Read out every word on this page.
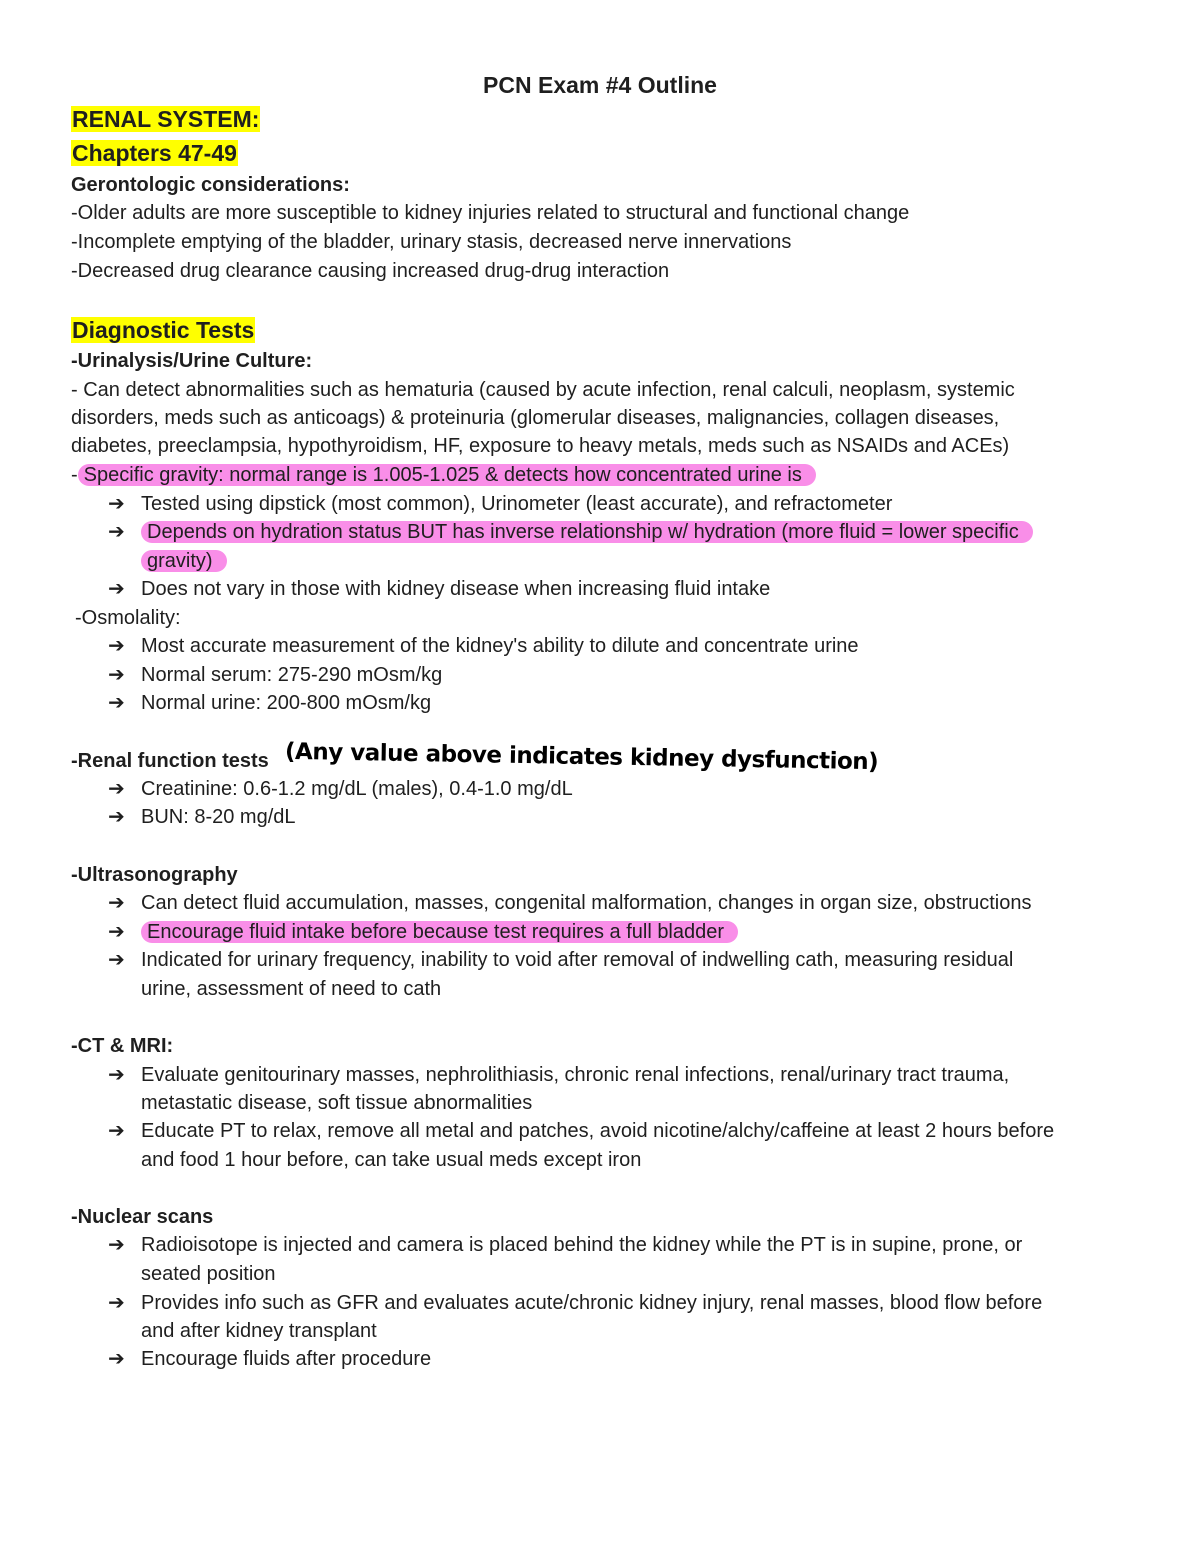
PCN Exam #4 Outline
RENAL SYSTEM:
Chapters 47-49
Gerontologic considerations:
-Older adults are more susceptible to kidney injuries related to structural and functional change
-Incomplete emptying of the bladder, urinary stasis, decreased nerve innervations
-Decreased drug clearance causing increased drug-drug interaction
Diagnostic Tests
-Urinalysis/Urine Culture:
- Can detect abnormalities such as hematuria (caused by acute infection, renal calculi, neoplasm, systemic
disorders, meds such as anticoags) & proteinuria (glomerular diseases, malignancies, collagen diseases,
diabetes, preeclampsia, hypothyroidism, HF, exposure to heavy metals, meds such as NSAIDs and ACEs)
- Specific gravity: normal range is 1.005-1.025 & detects how concentrated urine is
➔ Tested using dipstick (most common), Urinometer (least accurate), and refractometer
➔	Depends on hydration status BUT has inverse relationship w/ hydration (more fluid = lower specific
gravity)
➔ Does not vary in those with kidney disease when increasing fluid intake
-Osmolality:
➔ Most accurate measurement of the kidney's ability to dilute and concentrate urine
➔ Normal serum: 275-290 mOsm/kg
➔ Normal urine: 200-800 mOsm/kg
-Renal function tests (Any value above indicates kidney dysfunction)
➔ Creatinine: 0.6-1.2 mg/dL (males), 0.4-1.0 mg/dL
➔ BUN: 8-20 mg/dL
-Ultrasonography
➔ Can detect fluid accumulation, masses, congenital malformation, changes in organ size, obstructions
➔	Encourage fluid intake before because test requires a full bladder
➔ Indicated for urinary frequency, inability to void after removal of indwelling cath, measuring residual
urine, assessment of need to cath
-CT & MRI:
➔ Evaluate genitourinary masses, nephrolithiasis, chronic renal infections, renal/urinary tract trauma,
metastatic disease, soft tissue abnormalities
➔ Educate PT to relax, remove all metal and patches, avoid nicotine/alchy/caffeine at least 2 hours before
and food 1 hour before, can take usual meds except iron
-Nuclear scans
➔ Radioisotope is injected and camera is placed behind the kidney while the PT is in supine, prone, or
seated position
➔ Provides info such as GFR and evaluates acute/chronic kidney injury, renal masses, blood flow before
and after kidney transplant
➔ Encourage fluids after procedure
